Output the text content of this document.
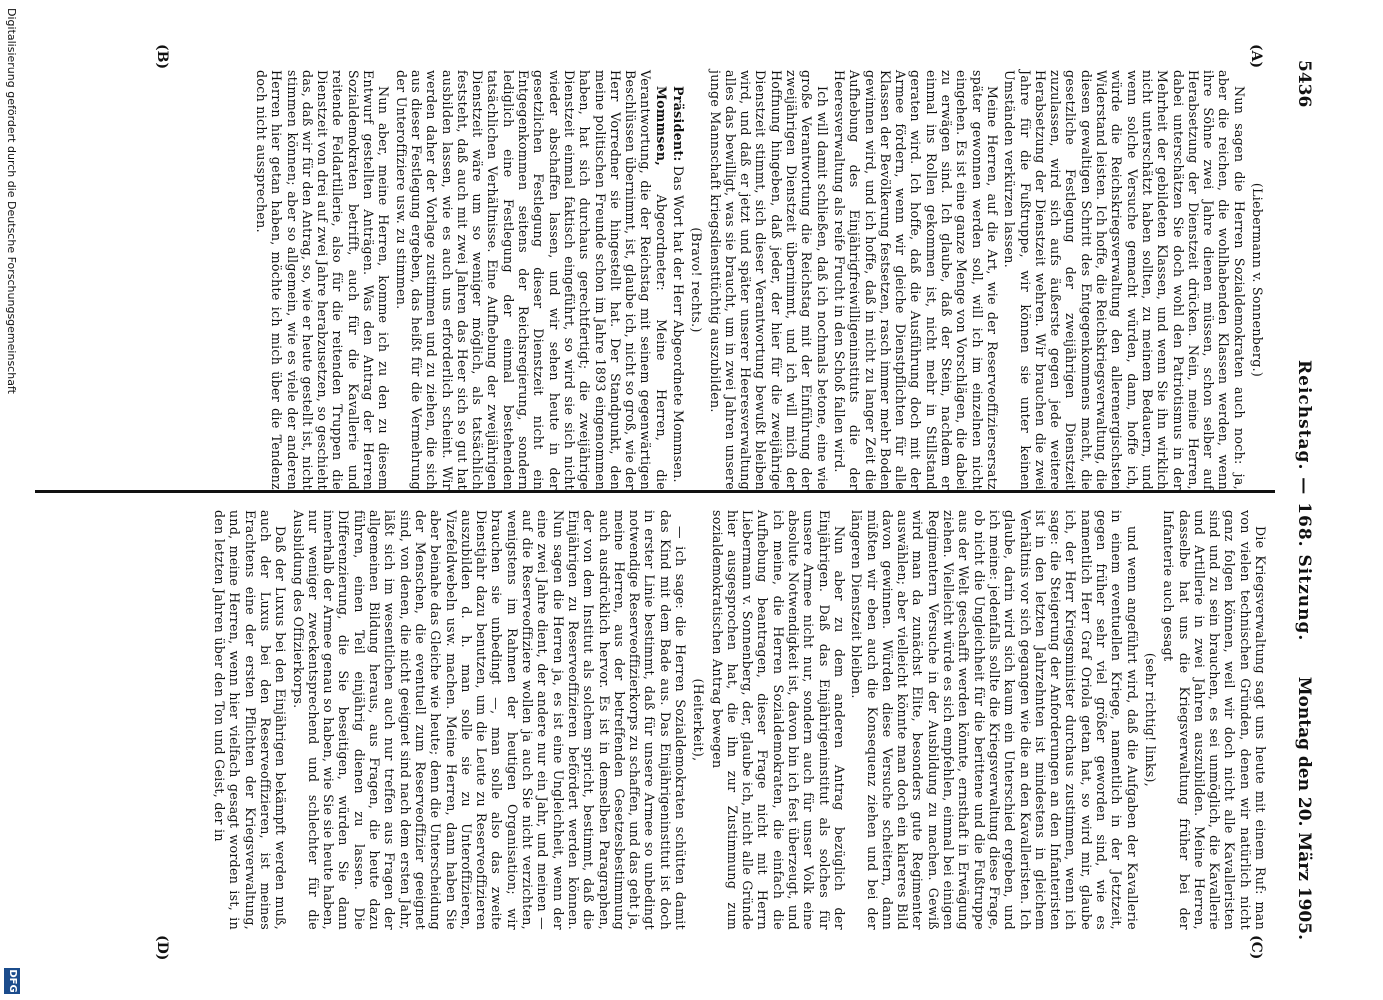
5436
Reichstag. — 168. Sitzung.
Montag den 20. März 1905.
(A)
(B)
(C)
(D)

(Liebermann v. Sonnenberg.)

Nun sagen die Herren Sozialdemokraten auch noch: ja, aber die reichen, die wohlhabenden Klassen werden, wenn ihre Söhne zwei Jahre dienen müssen, schon selber auf Herabsetzung der Dienstzeit drücken. Nein, meine Herren, dabei unterschätzen Sie doch wohl den Patriotismus in der Mehrheit der gebildeten Klassen, und wenn Sie ihn wirklich nicht unterschätzt haben sollten, zu meinem Bedauern, und wenn solche Versuche gemacht würden, dann, hoffe ich, würde die Reichskriegsverwaltung den allerenergischsten Widerstand leisten. Ich hoffe, die Reichskriegsverwaltung, die diesen gewaltigen Schritt des Entgegenkommens macht, die gesetzliche Festlegung der zweijährigen Dienstzeit zuzulassen, wird sich aufs äußerste gegen jede weitere Herabsetzung der Dienstzeit wehren. Wir brauchen die zwei Jahre für die Fußtruppe, wir können sie unter keinen Umständen verkürzen lassen.

Meine Herren, auf die Art, wie der Reserveoffiziersersatz später gewonnen werden soll, will ich im einzelnen nicht eingehen. Es ist eine ganze Menge von Vorschlägen, die dabei zu erwägen sind. Ich glaube, daß der Stein, nachdem er einmal ins Rollen gekommen ist, nicht mehr in Stillstand geraten wird. Ich hoffe, daß die Ausführung doch mit der Armee fördern, wenn wir gleiche Dienstpflichten für alle Klassen der Bevölkerung festsetzen, rasch immer mehr Boden gewinnen wird, und ich hoffe, daß in nicht zu langer Zeit die Aufhebung des Einjährigfreiwilligeninstituts die der Heeresverwaltung als reife Frucht in den Schoß fallen wird.

Ich will damit schließen, daß ich nochmals betone, eine wie große Verantwortung die Reichstag mit der Einführung der zweijährigen Dienstzeit übernimmt, und ich will mich der Hoffnung hingeben, daß jeder, der hier für die zweijährige Dienstzeit stimmt, sich dieser Verantwortung bewußt bleiben wird, und daß er jetzt und später unserer Heeresverwaltung alles das bewilligt, was sie braucht, um in zwei Jahren unsere junge Mannschaft kriegsdiensttüchtig auszubilden.

(Bravo! rechts.)

Präsident: Das Wort hat der Herr Abgeordnete Mommsen.

Mommsen, Abgeordneter: Meine Herren, die Verantwortung, die der Reichstag mit seinem gegenwärtigen Beschlüssen übernimmt, ist, glaube ich, nicht so groß, wie der Herr Vorredner sie hingestellt hat. Der Standpunkt, den meine politischen Freunde schon im Jahre 1893 eingenommen haben, hat sich durchaus gerechtfertigt; die zweijährige Dienstzeit einmal faktisch eingeführt, so wird sie sich nicht wieder abschaffen lassen, und wir sehen heute in der gesetzlichen Festlegung dieser Dienstzeit nicht ein Entgegenkommen seitens der Reichsregierung, sondern lediglich eine Festlegung der einmal bestehenden tatsächlichen Verhältnisse. Eine Aufhebung der zweijährigen Dienstzeit wäre um so weniger möglich, als tatsächlich feststeht, daß auch mit zwei Jahren das Heer sich so gut hat ausbilden lassen, wie es auch uns erforderlich scheint. Wir werden daher der Vorlage zustimmen und zu ziehen, die sich aus dieser Festlegung ergeben, das heißt für die Vermehrung der Unteroffiziere usw. zu stimmen.

Nun aber, meine Herren, komme ich zu den zu diesem Entwurf gestellten Anträgen. Was den Antrag der Herren Sozialdemokraten betrifft, auch für die Kavallerie und reitende Feldartillerie, also für die reitenden Truppen die Dienstzeit von drei auf zwei Jahre herabzusetzen, so geschieht das, daß wir für den Antrag, so, wie er heute gestellt ist, nicht stimmen können; aber so allgemein, wie es viele der anderen Herren hier getan haben, möchte ich mich über die Tendenz doch nicht aussprechen.

Die Kriegsverwaltung sagt uns heute mit einem Ruf: man von vielen technischen Gründen, denen wir natürlich nicht ganz folgen können, weil wir doch nicht alle Kavalleristen sind und zu sein brauchen, es sei unmöglich, die Kavallerie und Artillerie in zwei Jahren auszubilden. Meine Herren, dasselbe hat uns die Kriegsverwaltung früher bei der Infanterie auch gesagt

(sehr richtig! links),

und wenn angeführt wird, daß die Aufgaben der Kavallerie in einem eventuellen Kriege, namentlich in der Jetztzeit, gegen früher sehr viel größer geworden sind, wie es namentlich Herr Graf Oriola getan hat, so wird mir, glaube ich, der Herr Kriegsminister durchaus zustimmen, wenn ich sage: die Steigerung der Anforderungen an den Infanteristen ist in den letzten Jahrzehnten ist mindestens in gleichem Verhältnis vor sich gegangen wie die an den Kavalleristen. Ich glaube, darin wird sich kaum ein Unterschied ergeben, und ich meine: jedenfalls sollte die Kriegsverwaltung diese Frage, ob nicht die Ungleichheit für die berittene und die Fußtruppe aus der Welt geschafft werden könnte, ernsthaft in Erwägung ziehen. Vielleicht würde es sich empfehlen, einmal bei einigen Regimentern Versuche in der Ausbildung zu machen. Gewiß wird man da zunächst Elite, besonders gute Regimenter auswählen; aber vielleicht könnte man doch ein klareres Bild davon gewinnen. Würden diese Versuche scheitern, dann müßten wir eben auch die Konsequenz ziehen und bei der längeren Dienstzeit bleiben.

Nun aber zu dem anderen Antrag bezüglich der Einjährigen. Daß das Einjährigeninstitut als solches für unsere Armee nicht nur, sondern auch für unser Volk eine absolute Notwendigkeit ist, davon bin ich fest überzeugt, und ich meine, die Herren Sozialdemokraten, die einfach die Aufhebung beantragen, dieser Frage nicht mit Herrn Liebermann v. Sonnenberg, der, glaube ich, nicht alle Gründe hier ausgesprochen hat, die ihn zur Zustimmung zum sozialdemokratischen Antrag bewegen

(Heiterkeit),

— ich sage: die Herren Sozialdemokraten schütten damit das Kind mit dem Bade aus. Das Einjährigeninstitut ist doch in erster Linie bestimmt, daß für unsere Armee so unbedingt notwendige Reserveoffizierkorps zu schaffen, und das geht ja, meine Herren, aus der betreffenden Gesetzesbestimmung auch ausdrücklich hervor. Es ist in demselben Paragraphen, der von dem Institut als solchem spricht, bestimmt, daß die Einjährigen zu Reserveoffizieren befördert werden können. Nun sagen die Herren ja, es ist eine Ungleichheit, wenn der eine zwei Jahre dient, der andere nur ein Jahr, und meinen — auf die Reserveoffiziere wollen ja auch Sie nicht verzichten, wenigstens im Rahmen der heutigen Organisation; wir brauchen sie unbedingt —, man solle also das zweite Dienstjahr dazu benutzen, um die Leute zu Reserveoffizieren auszubilden d. h. man solle sie zu Unteroffizieren, Vizefeldwebeln usw. machen. Meine Herren, dann haben Sie aber beinahe das Gleiche wie heute; denn die Unterscheidung der Menschen, die eventuell zum Reserveoffizier geeignet sind, von denen, die nicht geeignet sind nach dem ersten Jahr, läßt sich im wesentlichen auch nur treffen aus Fragen der allgemeinen Bildung heraus, aus Fragen, die heute dazu führen, einen Teil einjährig dienen zu lassen. Die Differenzierung, die Sie beseitigen, würden Sie dann innerhalb der Armee genau so haben, wie Sie sie heute haben, nur weniger zweckentsprechend und schlechter für die Ausbildung des Offizierkorps.

Daß der Luxus bei den Einjährigen bekämpft werden muß, auch der Luxus bei den Reserveoffizieren, ist meines Erachtens eine der ersten Pflichten der Kriegsverwaltung, und, meine Herren, wenn hier vielfach gesagt worden ist, in den letzten Jahren über den Ton und Geist, der in

Digitalisierung gefördert durch die Deutsche Forschungsgemeinschaft
DFG
